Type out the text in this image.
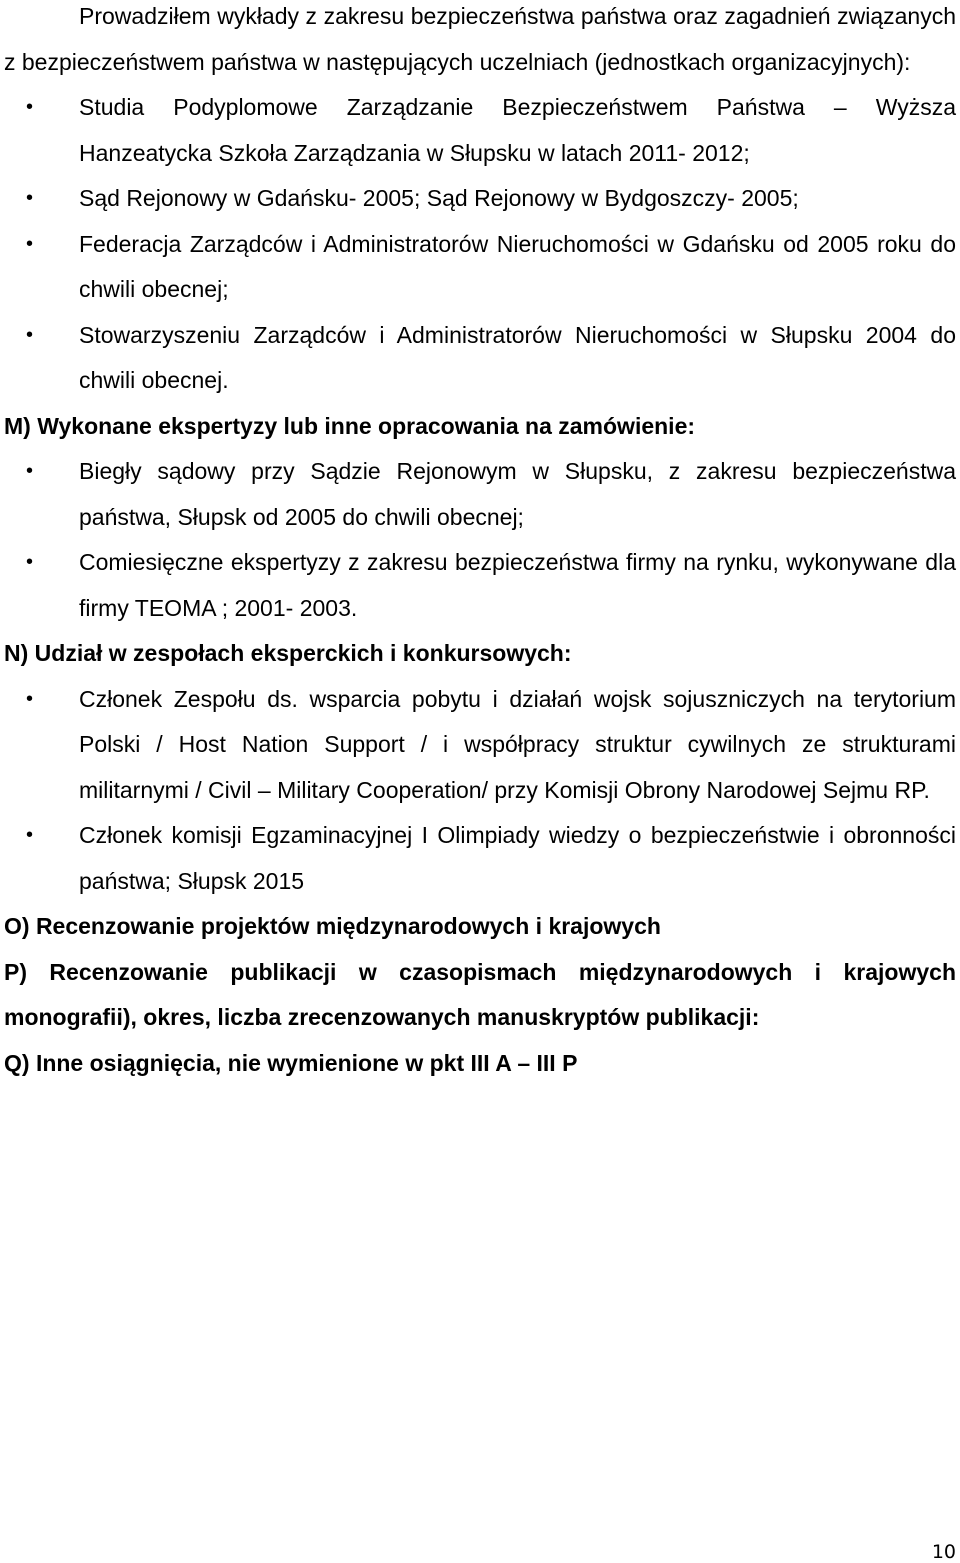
Prowadziłem wykłady z zakresu bezpieczeństwa państwa oraz zagadnień związanych z bezpieczeństwem państwa w następujących uczelniach (jednostkach organizacyjnych):

• Studia Podyplomowe Zarządzanie Bezpieczeństwem Państwa – Wyższa Hanzeatycka Szkoła Zarządzania w Słupsku w latach 2011- 2012;
• Sąd Rejonowy w Gdańsku- 2005; Sąd Rejonowy w Bydgoszczy- 2005;
• Federacja Zarządców i Administratorów Nieruchomości w Gdańsku od 2005 roku do chwili obecnej;
• Stowarzyszeniu Zarządców i Administratorów Nieruchomości w Słupsku 2004 do chwili obecnej.

M) Wykonane ekspertyzy lub inne opracowania na zamówienie:

• Biegły sądowy przy Sądzie Rejonowym w Słupsku, z zakresu bezpieczeństwa państwa, Słupsk od 2005 do chwili obecnej;
• Comiesięczne ekspertyzy z zakresu bezpieczeństwa firmy na rynku, wykonywane dla firmy TEOMA ; 2001- 2003.

N) Udział w zespołach eksperckich i konkursowych:

• Członek Zespołu ds. wsparcia pobytu i działań wojsk sojuszniczych na terytorium Polski / Host Nation Support / i współpracy struktur cywilnych ze strukturami militarnymi / Civil – Military Cooperation/ przy Komisji Obrony Narodowej Sejmu RP.
• Członek komisji Egzaminacyjnej I Olimpiady wiedzy o bezpieczeństwie i obronności państwa; Słupsk 2015

O) Recenzowanie projektów międzynarodowych i krajowych

P) Recenzowanie publikacji w czasopismach międzynarodowych i krajowych monografii), okres, liczba zrecenzowanych manuskryptów publikacji:

Q) Inne osiągnięcia, nie wymienione w pkt III A – III P

10
